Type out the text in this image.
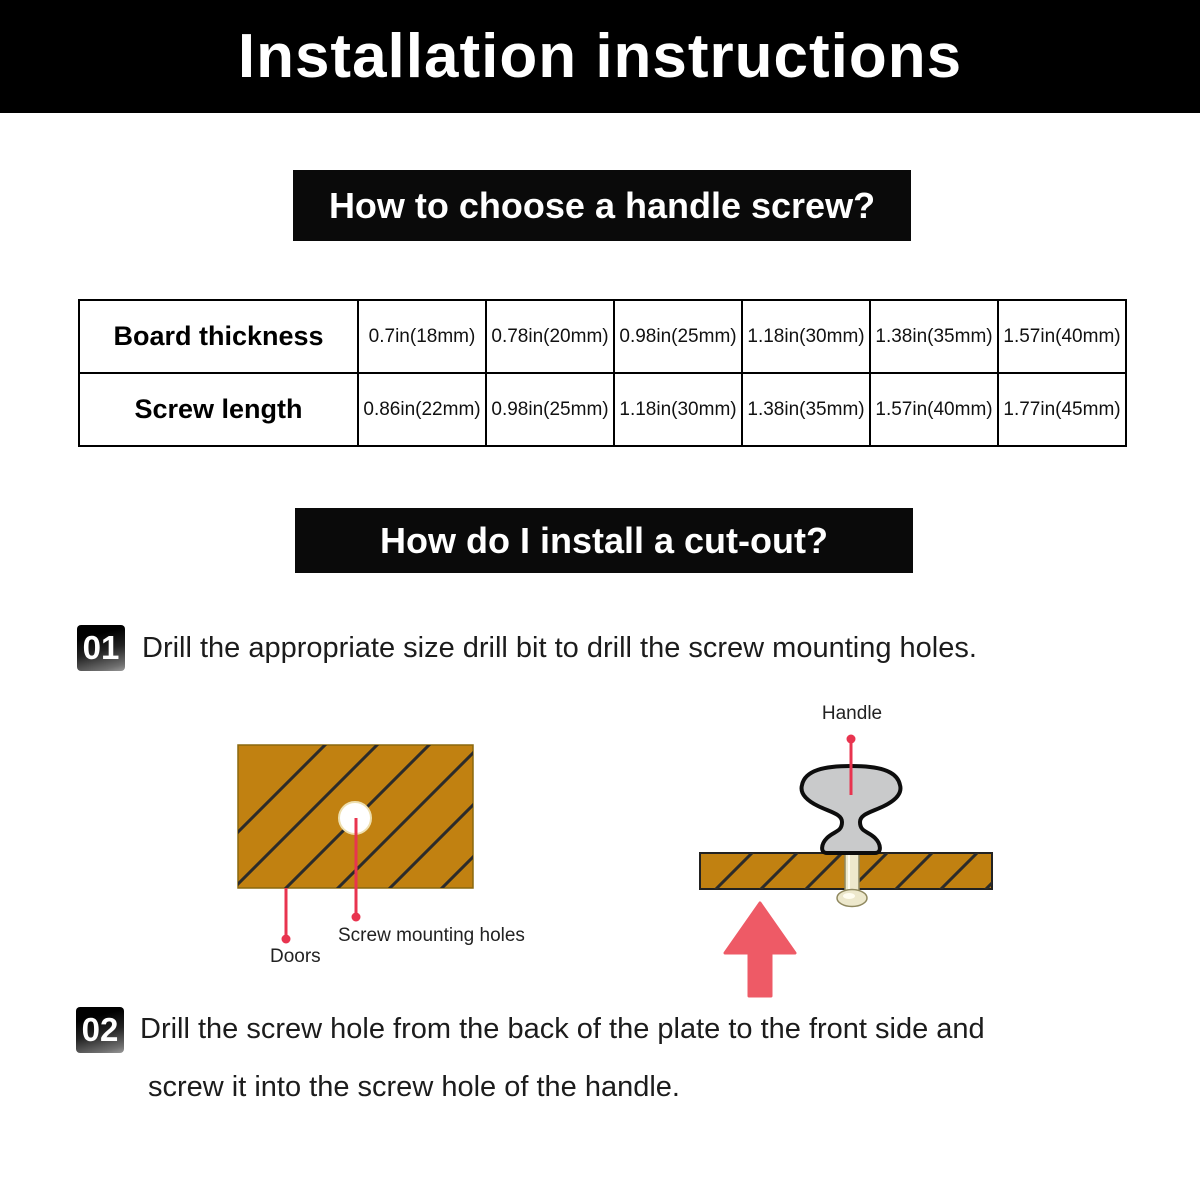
Installation instructions
How to choose a handle screw?
Board thickness	0.7in(18mm)	0.78in(20mm)	0.98in(25mm)	1.18in(30mm)	1.38in(35mm)	1.57in(40mm)
Screw length	0.86in(22mm)	0.98in(25mm)	1.18in(30mm)	1.38in(35mm)	1.57in(40mm)	1.77in(45mm)
How do I install a cut-out?
01 Drill the appropriate size drill bit to drill the screw mounting holes.
Screw mounting holes
Doors
Handle
02 Drill the screw hole from the back of the plate to the front side and
screw it into the screw hole of the handle.
